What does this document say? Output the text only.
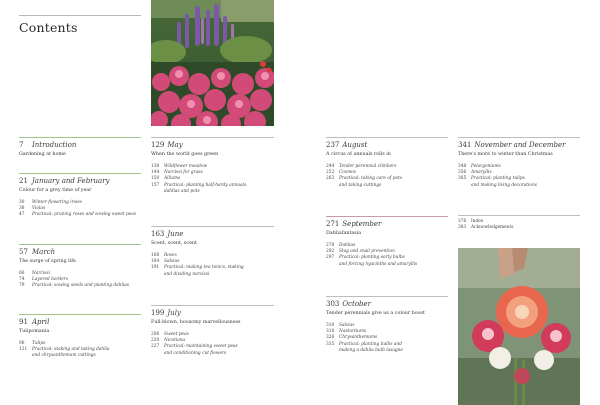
Contents
7 Introduction
Gardening at home
21 January and February
Colour for a grey time of year
30	Winter-flowering irises
38	Violas
47	Practical: pruning roses and sowing sweet peas
57 March
The surge of spring life
66	Narcissi
74	Layered borders
79	Practical: sowing seeds and planting dahlias
91 April
Tulipomania
96	Tulips
121	Practical: staking and taking dahlia
and chrysanthemum cuttings
129 May
When the world goes green
138	Wildflower meadow
144	Narcissi for grass
150	Alliums
157	Practical: planting half-hardy annuals,
dahlias and pots
163 June
Scent, scent, scent
168	Roses
184	Salvias
191	Practical: making tea tonics, staking
and dividing narcissi
199 July
Full-blown, boozomy marvellousness
206	Sweet peas
220	Nicotiana
227	Practical: maintaining sweet peas
and conditioning cut flowers
237 August
A circus of annuals rolls in
244	Tender perennial climbers
252	Cosmos
263	Practical: taking care of pots
and taking cuttings
271 September
Dahliafantasia
278	Dahlias
292	Slug and snail prevention
297	Practical: planting early bulbs
and forcing hyacinths and amaryllis
303 October
Tender perennials give us a colour boost
310	Salvias
318	Nasturtiums
326	Chrysanthemums
335	Practical: planting bulbs and
making a dahlia bulb lasagne
341 November and December
There's more to winter than Christmas
348	Pelargoniums
356	Amaryllis
365	Practical: planting tulips
and making living decorations
376	Index
383	Acknowledgements
